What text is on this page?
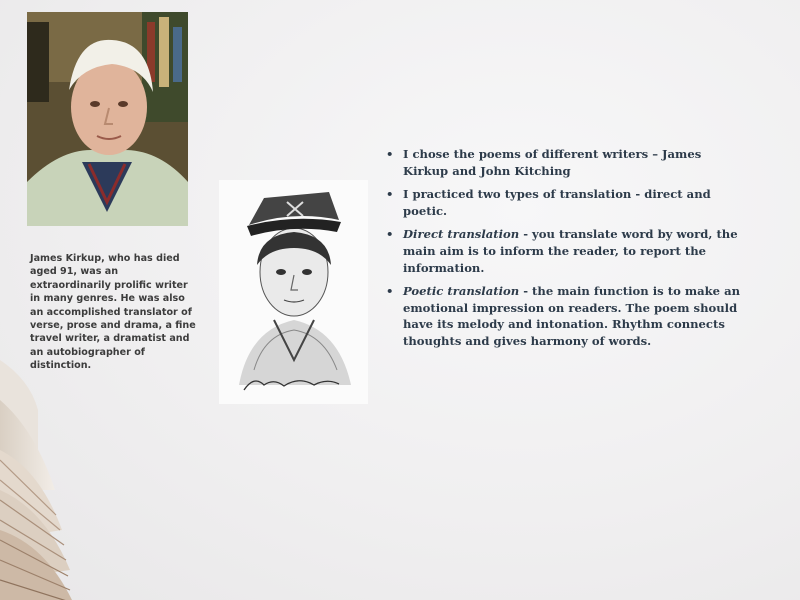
James Kirkup, who has died aged 91, was an extraordinarily prolific writer in many genres. He was also an accomplished translator of verse, prose and drama, a fine travel writer, a dramatist and an autobiographer of distinction.
• I chose the poems of different writers – James Kirkup and John Kitching
• I practiced two types of translation - direct and poetic.
• Direct translation - you translate word by word, the main aim is to inform the reader, to report the information.
• Poetic translation - the main function is to make an emotional impression on readers. The poem should have its melody and intonation. Rhythm connects thoughts and gives harmony of words.
